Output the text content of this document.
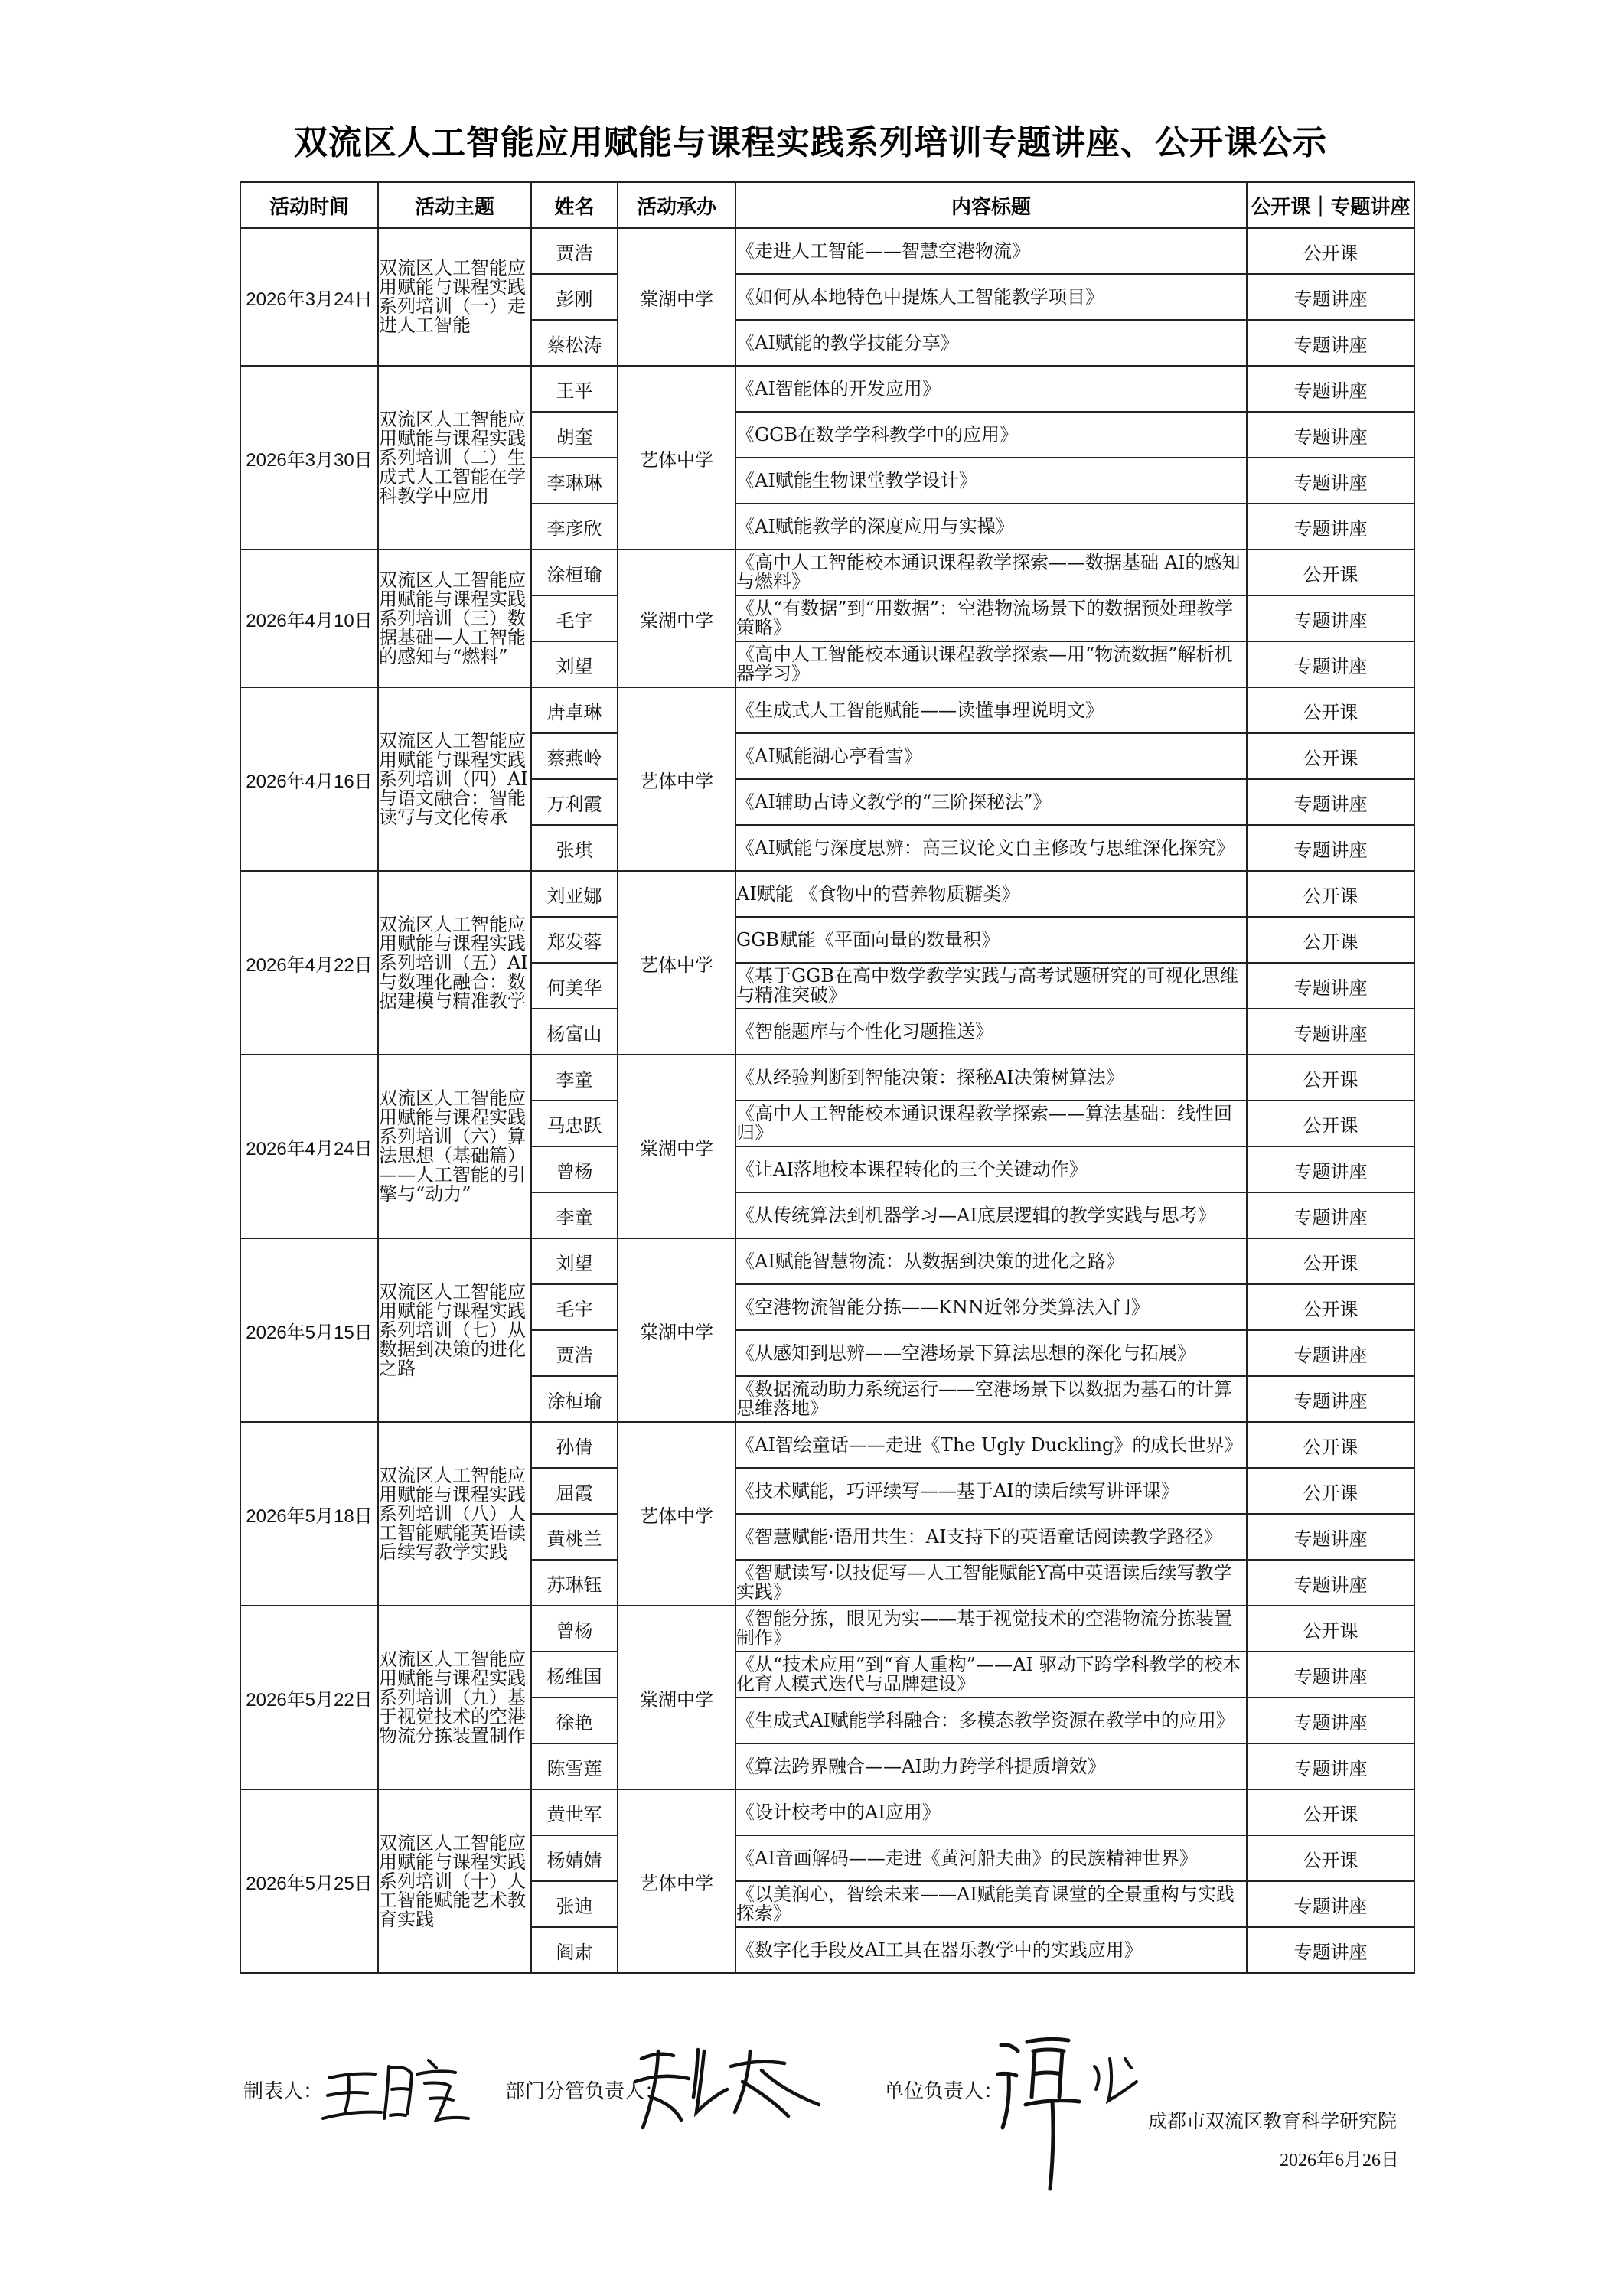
双流区人工智能应用赋能与课程实践系列培训专题讲座、公开课公示
活动时间	活动主题	姓名	活动承办	内容标题	公开课｜专题讲座
2026年3月24日	双流区人工智能应用赋能与课程实践系列培训（一）走进人工智能	贾浩	棠湖中学	《走进人工智能——智慧空港物流》	公开课
		彭刚		《如何从本地特色中提炼人工智能教学项目》	专题讲座
		蔡松涛		《AI赋能的教学技能分享》	专题讲座
2026年3月30日	双流区人工智能应用赋能与课程实践系列培训（二）生成式人工智能在学科教学中应用	王平	艺体中学	《AI智能体的开发应用》	专题讲座
		胡奎		《GGB在数学学科教学中的应用》	专题讲座
		李琳琳		《AI赋能生物课堂教学设计》	专题讲座
		李彦欣		《AI赋能教学的深度应用与实操》	专题讲座
2026年4月10日	双流区人工智能应用赋能与课程实践系列培训（三）数据基础—人工智能的感知与“燃料”	涂桓瑜	棠湖中学	《高中人工智能校本通识课程教学探索——数据基础 AI的感知与燃料》	公开课
		毛宇		《从“有数据”到“用数据”：空港物流场景下的数据预处理教学策略》	专题讲座
		刘望		《高中人工智能校本通识课程教学探索—用“物流数据”解析机器学习》	专题讲座
2026年4月16日	双流区人工智能应用赋能与课程实践系列培训（四）AI与语文融合：智能读写与文化传承	唐卓琳	艺体中学	《生成式人工智能赋能——读懂事理说明文》	公开课
		蔡燕岭		《AI赋能湖心亭看雪》	公开课
		万利霞		《AI辅助古诗文教学的“三阶探秘法”》	专题讲座
		张琪		《AI赋能与深度思辨：高三议论文自主修改与思维深化探究》	专题讲座
2026年4月22日	双流区人工智能应用赋能与课程实践系列培训（五）AI与数理化融合：数据建模与精准教学	刘亚娜	艺体中学	AI赋能 《食物中的营养物质糖类》	公开课
		郑发蓉		GGB赋能《平面向量的数量积》	公开课
		何美华		《基于GGB在高中数学教学实践与高考试题研究的可视化思维与精准突破》	专题讲座
		杨富山		《智能题库与个性化习题推送》	专题讲座
2026年4月24日	双流区人工智能应用赋能与课程实践系列培训（六）算法思想（基础篇）——人工智能的引擎与“动力”	李童	棠湖中学	《从经验判断到智能决策：探秘AI决策树算法》	公开课
		马忠跃		《高中人工智能校本通识课程教学探索——算法基础：线性回归》	公开课
		曾杨		《让AI落地校本课程转化的三个关键动作》	专题讲座
		李童		《从传统算法到机器学习—AI底层逻辑的教学实践与思考》	专题讲座
2026年5月15日	双流区人工智能应用赋能与课程实践系列培训（七）从数据到决策的进化之路	刘望	棠湖中学	《AI赋能智慧物流：从数据到决策的进化之路》	公开课
		毛宇		《空港物流智能分拣——KNN近邻分类算法入门》	公开课
		贾浩		《从感知到思辨——空港场景下算法思想的深化与拓展》	专题讲座
		涂桓瑜		《数据流动助力系统运行——空港场景下以数据为基石的计算思维落地》	专题讲座
2026年5月18日	双流区人工智能应用赋能与课程实践系列培训（八）人工智能赋能英语读后续写教学实践	孙倩	艺体中学	《AI智绘童话——走进《The Ugly Duckling》的成长世界》	公开课
		屈霞		《技术赋能，巧评续写——基于AI的读后续写讲评课》	公开课
		黄桃兰		《智慧赋能·语用共生：AI支持下的英语童话阅读教学路径》	专题讲座
		苏琳钰		《智赋读写·以技促写—人工智能赋能Y高中英语读后续写教学实践》	专题讲座
2026年5月22日	双流区人工智能应用赋能与课程实践系列培训（九）基于视觉技术的空港物流分拣装置制作	曾杨	棠湖中学	《智能分拣，眼见为实——基于视觉技术的空港物流分拣装置制作》	公开课
		杨维国		《从“技术应用”到“育人重构”——AI 驱动下跨学科教学的校本化育人模式迭代与品牌建设》	专题讲座
		徐艳		《生成式AI赋能学科融合：多模态教学资源在教学中的应用》	专题讲座
		陈雪莲		《算法跨界融合——AI助力跨学科提质增效》	专题讲座
2026年5月25日	双流区人工智能应用赋能与课程实践系列培训（十）人工智能赋能艺术教育实践	黄世军	艺体中学	《设计校考中的AI应用》	公开课
		杨婧婧		《AI音画解码——走进《黄河船夫曲》的民族精神世界》	公开课
		张迪		《以美润心，智绘未来——AI赋能美育课堂的全景重构与实践探索》	专题讲座
		阎肃		《数字化手段及AI工具在器乐教学中的实践应用》	专题讲座
制表人：	部门分管负责人：	单位负责人：
成都市双流区教育科学研究院
2026年6月26日
